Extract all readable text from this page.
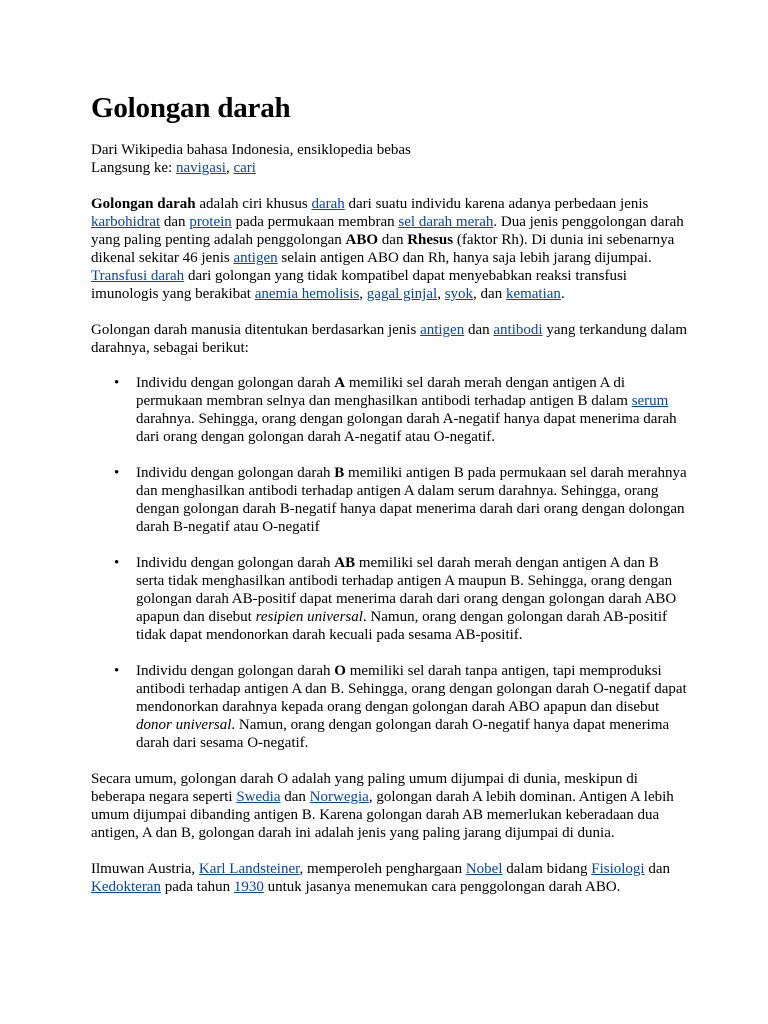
Golongan darah
Dari Wikipedia bahasa Indonesia, ensiklopedia bebas
Langsung ke: navigasi, cari

Golongan darah adalah ciri khusus darah dari suatu individu karena adanya perbedaan jenis karbohidrat dan protein pada permukaan membran sel darah merah. Dua jenis penggolongan darah yang paling penting adalah penggolongan ABO dan Rhesus (faktor Rh). Di dunia ini sebenarnya dikenal sekitar 46 jenis antigen selain antigen ABO dan Rh, hanya saja lebih jarang dijumpai. Transfusi darah dari golongan yang tidak kompatibel dapat menyebabkan reaksi transfusi imunologis yang berakibat anemia hemolisis, gagal ginjal, syok, dan kematian.

Golongan darah manusia ditentukan berdasarkan jenis antigen dan antibodi yang terkandung dalam darahnya, sebagai berikut:

• Individu dengan golongan darah A memiliki sel darah merah dengan antigen A di permukaan membran selnya dan menghasilkan antibodi terhadap antigen B dalam serum darahnya. Sehingga, orang dengan golongan darah A-negatif hanya dapat menerima darah dari orang dengan golongan darah A-negatif atau O-negatif.
• Individu dengan golongan darah B memiliki antigen B pada permukaan sel darah merahnya dan menghasilkan antibodi terhadap antigen A dalam serum darahnya. Sehingga, orang dengan golongan darah B-negatif hanya dapat menerima darah dari orang dengan dolongan darah B-negatif atau O-negatif
• Individu dengan golongan darah AB memiliki sel darah merah dengan antigen A dan B serta tidak menghasilkan antibodi terhadap antigen A maupun B. Sehingga, orang dengan golongan darah AB-positif dapat menerima darah dari orang dengan golongan darah ABO apapun dan disebut resipien universal. Namun, orang dengan golongan darah AB-positif tidak dapat mendonorkan darah kecuali pada sesama AB-positif.
• Individu dengan golongan darah O memiliki sel darah tanpa antigen, tapi memproduksi antibodi terhadap antigen A dan B. Sehingga, orang dengan golongan darah O-negatif dapat mendonorkan darahnya kepada orang dengan golongan darah ABO apapun dan disebut donor universal. Namun, orang dengan golongan darah O-negatif hanya dapat menerima darah dari sesama O-negatif.

Secara umum, golongan darah O adalah yang paling umum dijumpai di dunia, meskipun di beberapa negara seperti Swedia dan Norwegia, golongan darah A lebih dominan. Antigen A lebih umum dijumpai dibanding antigen B. Karena golongan darah AB memerlukan keberadaan dua antigen, A dan B, golongan darah ini adalah jenis yang paling jarang dijumpai di dunia.

Ilmuwan Austria, Karl Landsteiner, memperoleh penghargaan Nobel dalam bidang Fisiologi dan Kedokteran pada tahun 1930 untuk jasanya menemukan cara penggolongan darah ABO.
